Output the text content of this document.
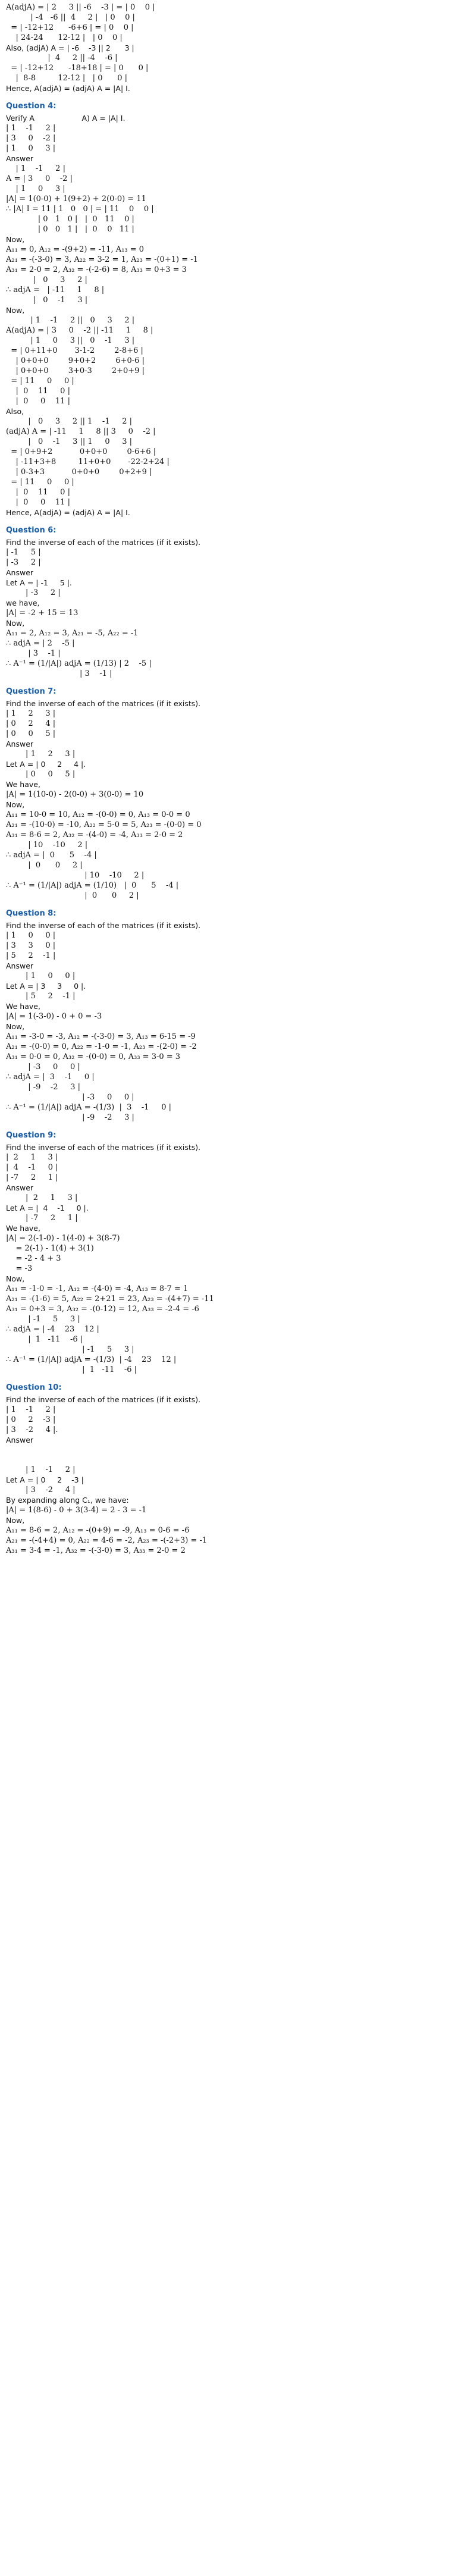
A(adjA) = | 2     3 || -6    -3 | = | 0    0 |
| -4   -6 ||  4     2 |   | 0    0 |
= | -12+12      -6+6 | = | 0    0 |
| 24-24      12-12 |   | 0    0 |
Also, (adjA) A = | -6    -3 || 2      3 |
|  4     2 || -4    -6 |
= | -12+12      -18+18 | = | 0      0 |
|  8-8         12-12 |   | 0      0 |
Hence, A(adjA) = (adjA) A = |A| I.
Question 4:
Verify A                    A) A = |A| I.
| 1    -1     2 |
| 3     0    -2 |
| 1     0     3 |
Answer
| 1    -1     2 |
A = | 3     0    -2 |
| 1     0     3 |
|A| = 1(0-0) + 1(9+2) + 2(0-0) = 11
∴ |A| I = 11 | 1   0   0 | = | 11    0    0 |
| 0   1   0 |   |  0   11    0 |
| 0   0   1 |   |  0    0   11 |
Now,
A₁₁ = 0, A₁₂ = -(9+2) = -11, A₁₃ = 0
A₂₁ = -(-3-0) = 3, A₂₂ = 3-2 = 1, A₂₃ = -(0+1) = -1
A₃₁ = 2-0 = 2, A₃₂ = -(-2-6) = 8, A₃₃ = 0+3 = 3
|   0     3     2 |
∴ adjA =   | -11     1     8 |
|   0    -1     3 |
Now,
| 1    -1     2 ||   0     3     2 |
A(adjA) = | 3     0    -2 || -11     1     8 |
| 1     0     3 ||   0    -1     3 |
= | 0+11+0       3-1-2        2-8+6 |
| 0+0+0        9+0+2        6+0-6 |
| 0+0+0        3+0-3        2+0+9 |
= | 11     0     0 |
|  0    11     0 |
|  0     0    11 |
Also,
|   0     3     2 || 1    -1     2 |
(adjA) A = | -11     1     8 || 3     0    -2 |
|   0    -1     3 || 1     0     3 |
= | 0+9+2           0+0+0        0-6+6 |
| -11+3+8         11+0+0       -22-2+24 |
| 0-3+3           0+0+0        0+2+9 |
= | 11     0     0 |
|  0    11     0 |
|  0     0    11 |
Hence, A(adjA) = (adjA) A = |A| I.
Question 6:
Find the inverse of each of the matrices (if it exists).
| -1     5 |
| -3     2 |
Answer
Let A = | -1     5 |.
| -3     2 |
we have,
|A| = -2 + 15 = 13
Now,
A₁₁ = 2, A₁₂ = 3, A₂₁ = -5, A₂₂ = -1
∴ adjA = | 2    -5 |
| 3    -1 |
∴ A⁻¹ = (1/|A|) adjA = (1/13) | 2    -5 |
| 3    -1 |
Question 7:
Find the inverse of each of the matrices (if it exists).
| 1     2     3 |
| 0     2     4 |
| 0     0     5 |
Answer
| 1     2     3 |
Let A = | 0     2     4 |.
| 0     0     5 |
We have,
|A| = 1(10-0) - 2(0-0) + 3(0-0) = 10
Now,
A₁₁ = 10-0 = 10, A₁₂ = -(0-0) = 0, A₁₃ = 0-0 = 0
A₂₁ = -(10-0) = -10, A₂₂ = 5-0 = 5, A₂₃ = -(0-0) = 0
A₃₁ = 8-6 = 2, A₃₂ = -(4-0) = -4, A₃₃ = 2-0 = 2
| 10    -10     2 |
∴ adjA = |  0      5    -4 |
|  0      0     2 |
| 10    -10     2 |
∴ A⁻¹ = (1/|A|) adjA = (1/10)   |  0      5    -4 |
|  0      0     2 |
Question 8:
Find the inverse of each of the matrices (if it exists).
| 1     0     0 |
| 3     3     0 |
| 5     2    -1 |
Answer
| 1     0     0 |
Let A = | 3     3     0 |.
| 5     2    -1 |
We have,
|A| = 1(-3-0) - 0 + 0 = -3
Now,
A₁₁ = -3-0 = -3, A₁₂ = -(-3-0) = 3, A₁₃ = 6-15 = -9
A₂₁ = -(0-0) = 0, A₂₂ = -1-0 = -1, A₂₃ = -(2-0) = -2
A₃₁ = 0-0 = 0, A₃₂ = -(0-0) = 0, A₃₃ = 3-0 = 3
| -3     0     0 |
∴ adjA = |  3    -1     0 |
| -9    -2     3 |
| -3     0     0 |
∴ A⁻¹ = (1/|A|) adjA = -(1/3)  |  3    -1     0 |
| -9    -2     3 |
Question 9:
Find the inverse of each of the matrices (if it exists).
|  2     1     3 |
|  4    -1     0 |
| -7     2     1 |
Answer
|  2     1     3 |
Let A = |  4    -1     0 |.
| -7     2     1 |
We have,
|A| = 2(-1-0) - 1(4-0) + 3(8-7)
= 2(-1) - 1(4) + 3(1)
= -2 - 4 + 3
= -3
Now,
A₁₁ = -1-0 = -1, A₁₂ = -(4-0) = -4, A₁₃ = 8-7 = 1
A₂₁ = -(1-6) = 5, A₂₂ = 2+21 = 23, A₂₃ = -(4+7) = -11
A₃₁ = 0+3 = 3, A₃₂ = -(0-12) = 12, A₃₃ = -2-4 = -6
| -1     5     3 |
∴ adjA = | -4    23    12 |
|  1   -11    -6 |
| -1     5     3 |
∴ A⁻¹ = (1/|A|) adjA = -(1/3)  | -4    23    12 |
|  1   -11    -6 |
Question 10:
Find the inverse of each of the matrices (if it exists).
| 1    -1     2 |
| 0     2    -3 |
| 3    -2     4 |.
Answer
| 1    -1     2 |
Let A = | 0     2    -3 |
| 3    -2     4 |
By expanding along C₁, we have:
|A| = 1(8-6) - 0 + 3(3-4) = 2 - 3 = -1
Now,
A₁₁ = 8-6 = 2, A₁₂ = -(0+9) = -9, A₁₃ = 0-6 = -6
A₂₁ = -(-4+4) = 0, A₂₂ = 4-6 = -2, A₂₃ = -(-2+3) = -1
A₃₁ = 3-4 = -1, A₃₂ = -(-3-0) = 3, A₃₃ = 2-0 = 2
